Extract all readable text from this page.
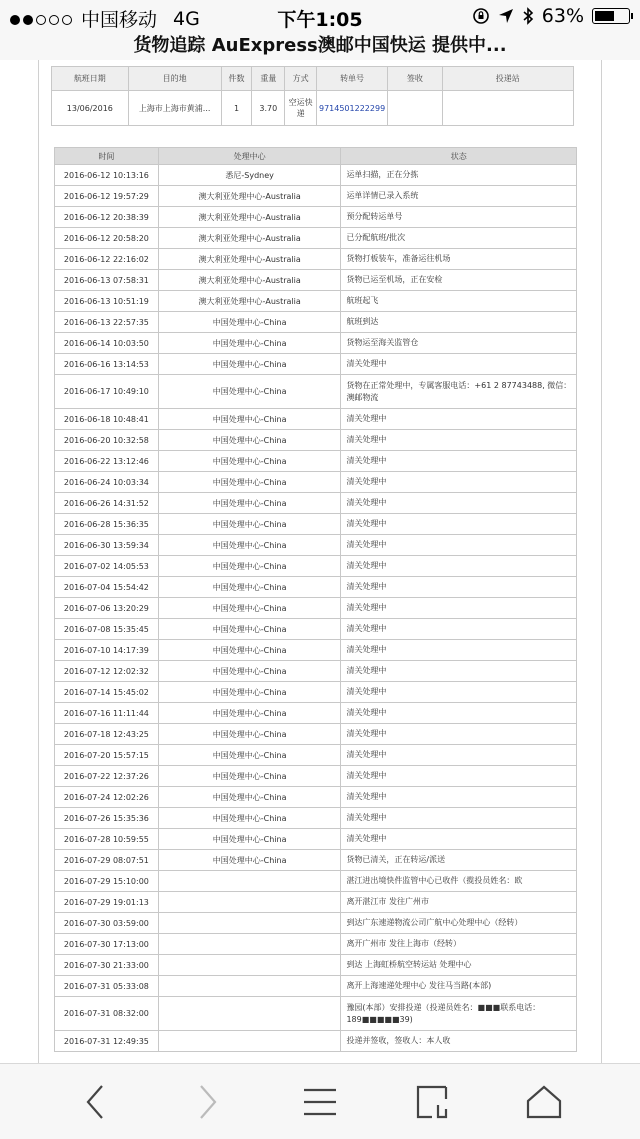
中国移动 4G	下午1:05	63%
货物追踪 AuExpress澳邮中国快运 提供中...
航班日期	目的地	件数	重量	方式	转单号	签收	投递站
13/06/2016	上海市上海市黄浦...	1	3.70	空运快递	9714501222299		
时间	处理中心	状态
2016-06-12 10:13:16	悉尼-Sydney	运单扫描，正在分拣
2016-06-12 19:57:29	澳大利亚处理中心-Australia	运单详情已录入系统
2016-06-12 20:38:39	澳大利亚处理中心-Australia	预分配转运单号
2016-06-12 20:58:20	澳大利亚处理中心-Australia	已分配航班/批次
2016-06-12 22:16:02	澳大利亚处理中心-Australia	货物打板装车，准备运往机场
2016-06-13 07:58:31	澳大利亚处理中心-Australia	货物已运至机场，正在安检
2016-06-13 10:51:19	澳大利亚处理中心-Australia	航班起飞
2016-06-13 22:57:35	中国处理中心-China	航班到达
2016-06-14 10:03:50	中国处理中心-China	货物运至海关监管仓
2016-06-16 13:14:53	中国处理中心-China	清关处理中
2016-06-17 10:49:10	中国处理中心-China	货物在正常处理中，专属客服电话：+61 2 87743488, 微信：澳邮物流
2016-06-18 10:48:41	中国处理中心-China	清关处理中
2016-06-20 10:32:58	中国处理中心-China	清关处理中
2016-06-22 13:12:46	中国处理中心-China	清关处理中
2016-06-24 10:03:34	中国处理中心-China	清关处理中
2016-06-26 14:31:52	中国处理中心-China	清关处理中
2016-06-28 15:36:35	中国处理中心-China	清关处理中
2016-06-30 13:59:34	中国处理中心-China	清关处理中
2016-07-02 14:05:53	中国处理中心-China	清关处理中
2016-07-04 15:54:42	中国处理中心-China	清关处理中
2016-07-06 13:20:29	中国处理中心-China	清关处理中
2016-07-08 15:35:45	中国处理中心-China	清关处理中
2016-07-10 14:17:39	中国处理中心-China	清关处理中
2016-07-12 12:02:32	中国处理中心-China	清关处理中
2016-07-14 15:45:02	中国处理中心-China	清关处理中
2016-07-16 11:11:44	中国处理中心-China	清关处理中
2016-07-18 12:43:25	中国处理中心-China	清关处理中
2016-07-20 15:57:15	中国处理中心-China	清关处理中
2016-07-22 12:37:26	中国处理中心-China	清关处理中
2016-07-24 12:02:26	中国处理中心-China	清关处理中
2016-07-26 15:35:36	中国处理中心-China	清关处理中
2016-07-28 10:59:55	中国处理中心-China	清关处理中
2016-07-29 08:07:51	中国处理中心-China	货物已清关，正在转运/派送
2016-07-29 15:10:00		湛江进出境快件监管中心已收件（揽投员姓名：欧
2016-07-29 19:01:13		离开湛江市 发往广州市
2016-07-30 03:59:00		到达广东速递物流公司广航中心处理中心（经转）
2016-07-30 17:13:00		离开广州市 发往上海市（经转）
2016-07-30 21:33:00		到达 上海虹桥航空转运站 处理中心
2016-07-31 05:33:08		离开上海速递处理中心 发往马当路(本部)
2016-07-31 08:32:00		豫园(本部）安排投递（投递员姓名：■■■联系电话：189■■■■■39)
2016-07-31 12:49:35		投递并签收，签收人：本人收
